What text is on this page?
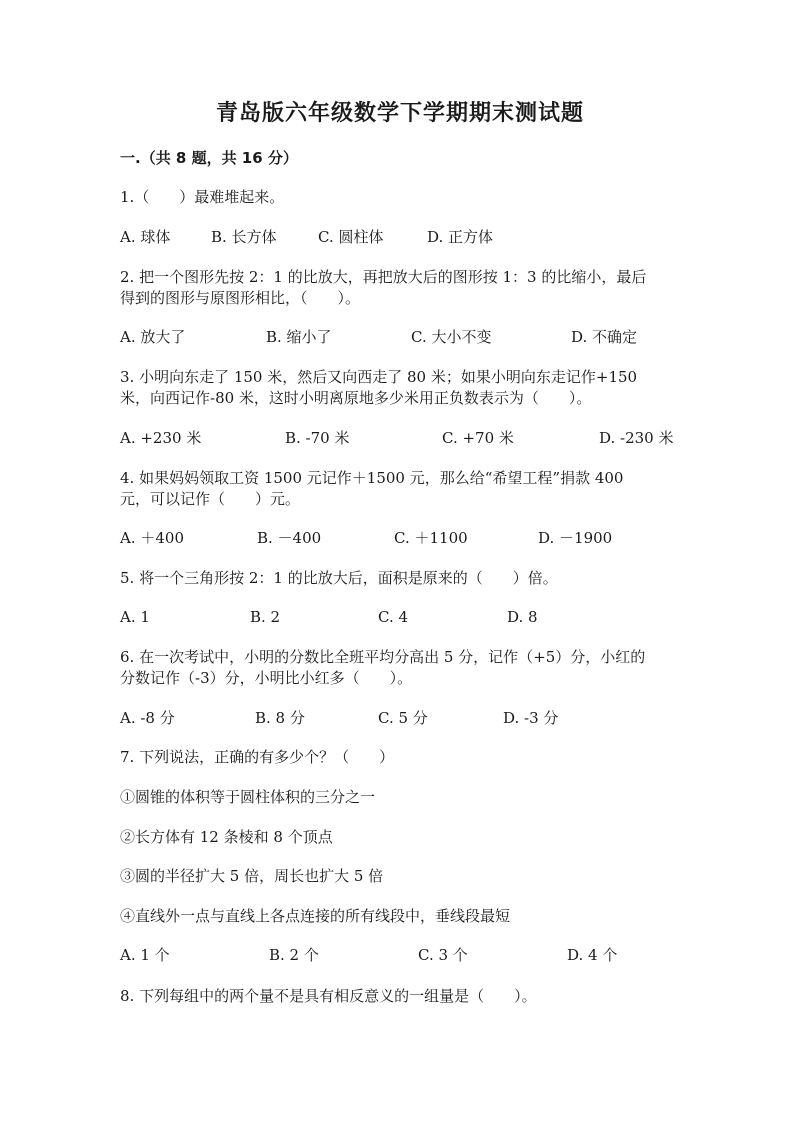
青岛版六年级数学下学期期末测试题
一.（共 8 题，共 16 分）
1.（　　）最难堆起来。
A. 球体	B. 长方体	C. 圆柱体	D. 正方体
2. 把一个图形先按 2：1 的比放大，再把放大后的图形按 1：3 的比缩小，最后
得到的图形与原图形相比，（　　）。
A. 放大了	B. 缩小了	C. 大小不变	D. 不确定
3. 小明向东走了 150 米，然后又向西走了 80 米；如果小明向东走记作+150
米，向西记作-80 米，这时小明离原地多少米用正负数表示为（　　）。
A. +230 米	B. -70 米	C. +70 米	D. -230 米
4. 如果妈妈领取工资 1500 元记作＋1500 元，那么给“希望工程”捐款 400
元，可以记作（　　）元。
A. ＋400	B. －400	C. ＋1100	D. －1900
5. 将一个三角形按 2：1 的比放大后，面积是原来的（　　）倍。
A. 1	B. 2	C. 4	D. 8
6. 在一次考试中，小明的分数比全班平均分高出 5 分，记作（+5）分，小红的
分数记作（-3）分，小明比小红多（　　）。
A. -8 分	B. 8 分	C. 5 分	D. -3 分
7. 下列说法，正确的有多少个？（　　）
①圆锥的体积等于圆柱体积的三分之一
②长方体有 12 条棱和 8 个顶点
③圆的半径扩大 5 倍，周长也扩大 5 倍
④直线外一点与直线上各点连接的所有线段中，垂线段最短
A. 1 个	B. 2 个	C. 3 个	D. 4 个
8. 下列每组中的两个量不是具有相反意义的一组量是（　　）。
